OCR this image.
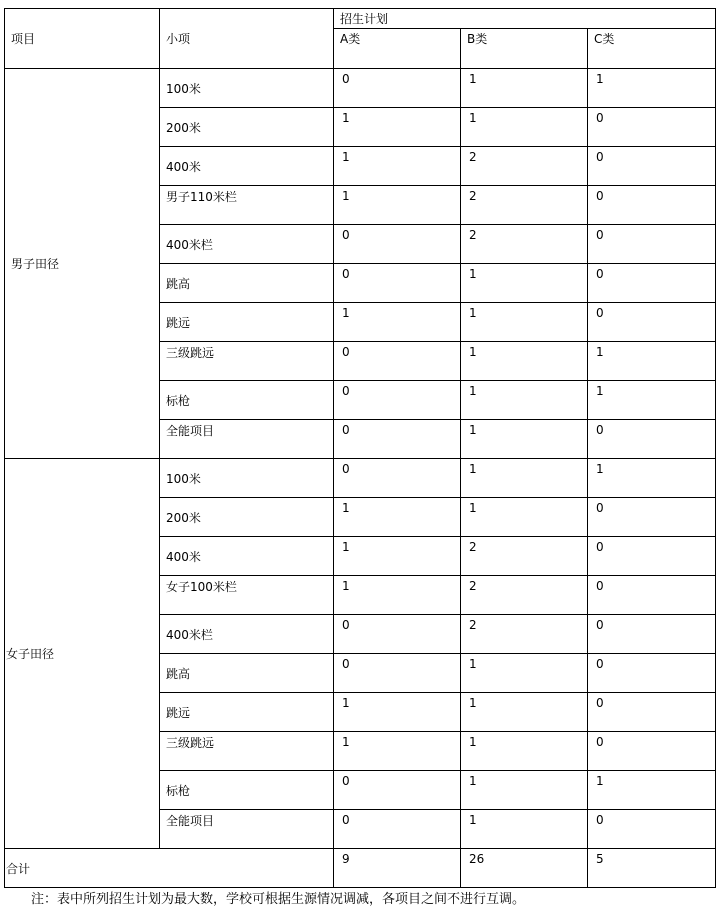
项目	小项	招生计划		
		A类	B类	C类
男子田径	100米	0	1	1
	200米	1	1	0
	400米	1	2	0
	男子110米栏	1	2	0
	400米栏	0	2	0
	跳高	0	1	0
	跳远	1	1	0
	三级跳远	0	1	1
	标枪	0	1	1
	全能项目	0	1	0
女子田径	100米	0	1	1
	200米	1	1	0
	400米	1	2	0
	女子100米栏	1	2	0
	400米栏	0	2	0
	跳高	0	1	0
	跳远	1	1	0
	三级跳远	1	1	0
	标枪	0	1	1
	全能项目	0	1	0
合计		9	26	5
注：表中所列招生计划为最大数，学校可根据生源情况调减，各项目之间不进行互调。
